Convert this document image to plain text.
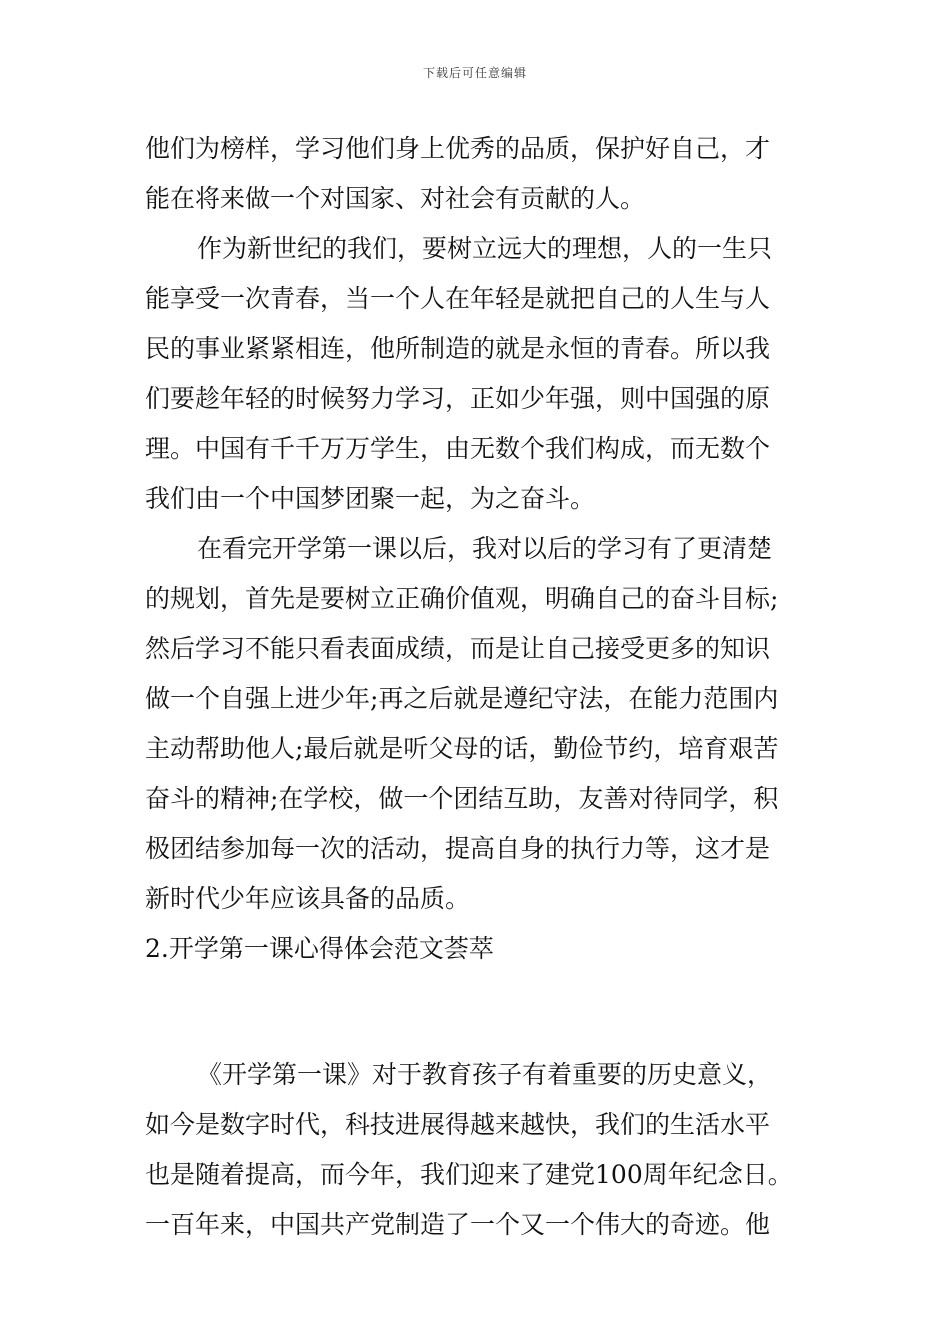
下载后可任意编辑
他们为榜样，学习他们身上优秀的品质，保护好自己，才
能在将来做一个对国家、对社会有贡献的人。
作为新世纪的我们，要树立远大的理想，人的一生只
能享受一次青春，当一个人在年轻是就把自己的人生与人
民的事业紧紧相连，他所制造的就是永恒的青春。所以我
们要趁年轻的时候努力学习，正如少年强，则中国强的原
理。中国有千千万万学生，由无数个我们构成，而无数个
我们由一个中国梦团聚一起，为之奋斗。
在看完开学第一课以后，我对以后的学习有了更清楚
的规划，首先是要树立正确价值观，明确自己的奋斗目标;
然后学习不能只看表面成绩，而是让自己接受更多的知识
做一个自强上进少年;再之后就是遵纪守法，在能力范围内
主动帮助他人;最后就是听父母的话，勤俭节约，培育艰苦
奋斗的精神;在学校，做一个团结互助，友善对待同学，积
极团结参加每一次的活动，提高自身的执行力等，这才是
新时代少年应该具备的品质。
2.开学第一课心得体会范文荟萃
《开学第一课》对于教育孩子有着重要的历史意义，
如今是数字时代，科技进展得越来越快，我们的生活水平
也是随着提高，而今年，我们迎来了建党100周年纪念日。
一百年来，中国共产党制造了一个又一个伟大的奇迹。他
